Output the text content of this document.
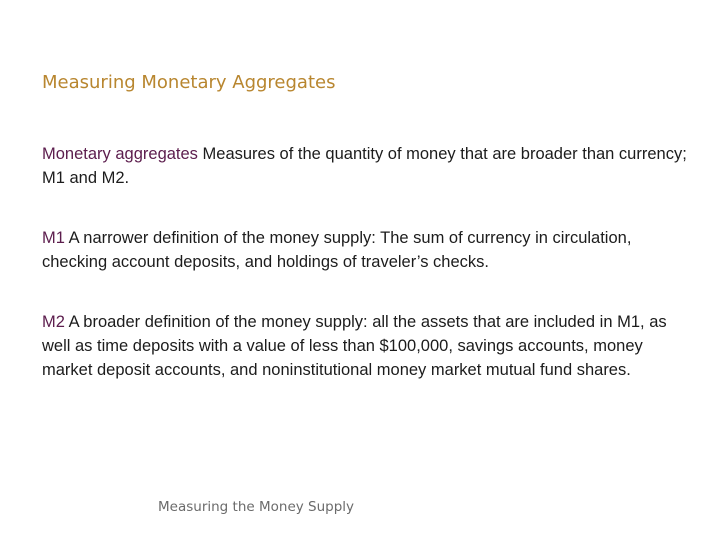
Measuring Monetary Aggregates
Monetary aggregates Measures of the quantity of money that are broader than currency; M1 and M2.
M1 A narrower definition of the money supply: The sum of currency in circulation, checking account deposits, and holdings of traveler’s checks.
M2 A broader definition of the money supply: all the assets that are included in M1, as well as time deposits with a value of less than $100,000, savings accounts, money market deposit accounts, and noninstitutional money market mutual fund shares.
Measuring the Money Supply
